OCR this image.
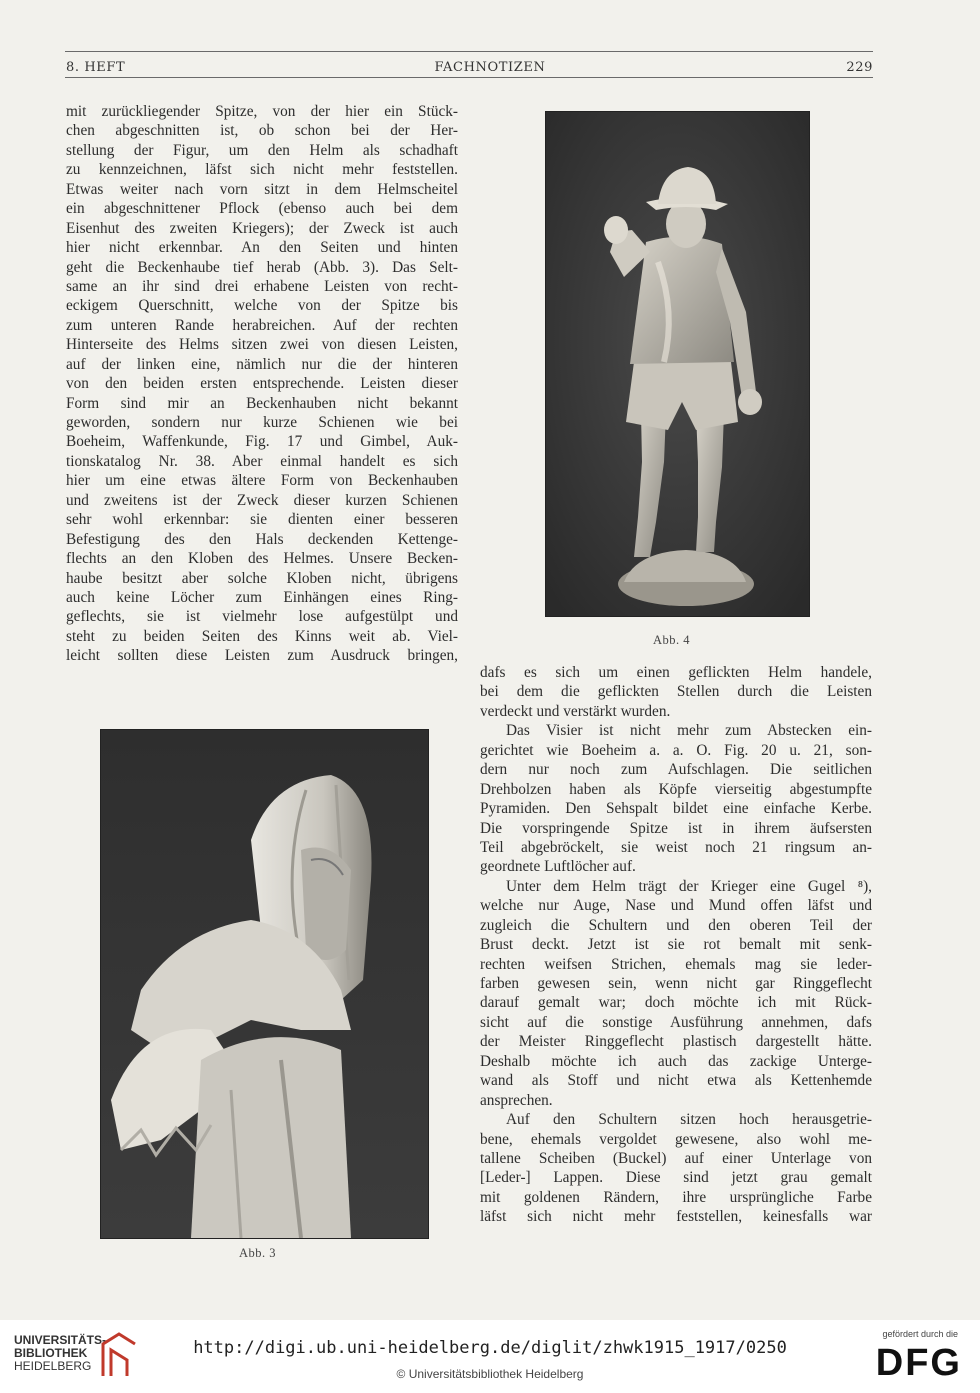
8. HEFT	FACHNOTIZEN	229
mit zurückliegender Spitze, von der hier ein Stück-
chen abgeschnitten ist, ob schon bei der Her-
stellung der Figur, um den Helm als schadhaft
zu kennzeichnen, läfst sich nicht mehr feststellen.
Etwas weiter nach vorn sitzt in dem Helmscheitel
ein abgeschnittener Pflock (ebenso auch bei dem
Eisenhut des zweiten Kriegers); der Zweck ist auch
hier nicht erkennbar. An den Seiten und hinten
geht die Beckenhaube tief herab (Abb. 3). Das Selt-
same an ihr sind drei erhabene Leisten von recht-
eckigem Querschnitt, welche von der Spitze bis
zum unteren Rande herabreichen. Auf der rechten
Hinterseite des Helms sitzen zwei von diesen Leisten,
auf der linken eine, nämlich nur die der hinteren
von den beiden ersten entsprechende. Leisten dieser
Form sind mir an Beckenhauben nicht bekannt
geworden, sondern nur kurze Schienen wie bei
Boeheim, Waffenkunde, Fig. 17 und Gimbel, Auk-
tionskatalog Nr. 38. Aber einmal handelt es sich
hier um eine etwas ältere Form von Beckenhauben
und zweitens ist der Zweck dieser kurzen Schienen
sehr wohl erkennbar: sie dienten einer besseren
Befestigung des den Hals deckenden Kettenge-
flechts an den Kloben des Helmes. Unsere Becken-
haube besitzt aber solche Kloben nicht, übrigens
auch keine Löcher zum Einhängen eines Ring-
geflechts, sie ist vielmehr lose aufgestülpt und
steht zu beiden Seiten des Kinns weit ab. Viel-
leicht sollten diese Leisten zum Ausdruck bringen,
Abb. 4
dafs es sich um einen geflickten Helm handele,
bei dem die geflickten Stellen durch die Leisten
verdeckt und verstärkt wurden.
Das Visier ist nicht mehr zum Abstecken ein-
gerichtet wie Boeheim a. a. O. Fig. 20 u. 21, son-
dern nur noch zum Aufschlagen. Die seitlichen
Drehbolzen haben als Köpfe vierseitig abgestumpfte
Pyramiden. Den Sehspalt bildet eine einfache Kerbe.
Die vorspringende Spitze ist in ihrem äufsersten
Teil abgebröckelt, sie weist noch 21 ringsum an-
geordnete Luftlöcher auf.
Unter dem Helm trägt der Krieger eine Gugel ⁸),
welche nur Auge, Nase und Mund offen läfst und
zugleich die Schultern und den oberen Teil der
Brust deckt. Jetzt ist sie rot bemalt mit senk-
rechten weifsen Strichen, ehemals mag sie leder-
farben gewesen sein, wenn nicht gar Ringgeflecht
darauf gemalt war; doch möchte ich mit Rück-
sicht auf die sonstige Ausführung annehmen, dafs
der Meister Ringgeflecht plastisch dargestellt hätte.
Deshalb möchte ich auch das zackige Unterge-
wand als Stoff und nicht etwa als Kettenhemde
ansprechen.
Auf den Schultern sitzen hoch herausgetrie-
bene, ehemals vergoldet gewesene, also wohl me-
tallene Scheiben (Buckel) auf einer Unterlage von
[Leder-] Lappen. Diese sind jetzt grau gemalt
mit goldenen Rändern, ihre ursprüngliche Farbe
läfst sich nicht mehr feststellen, keinesfalls war
Abb. 3
UNIVERSITÄTS-
BIBLIOTHEK
HEIDELBERG
http://digi.ub.uni-heidelberg.de/diglit/zhwk1915_1917/0250
© Universitätsbibliothek Heidelberg
gefördert durch die
DFG
